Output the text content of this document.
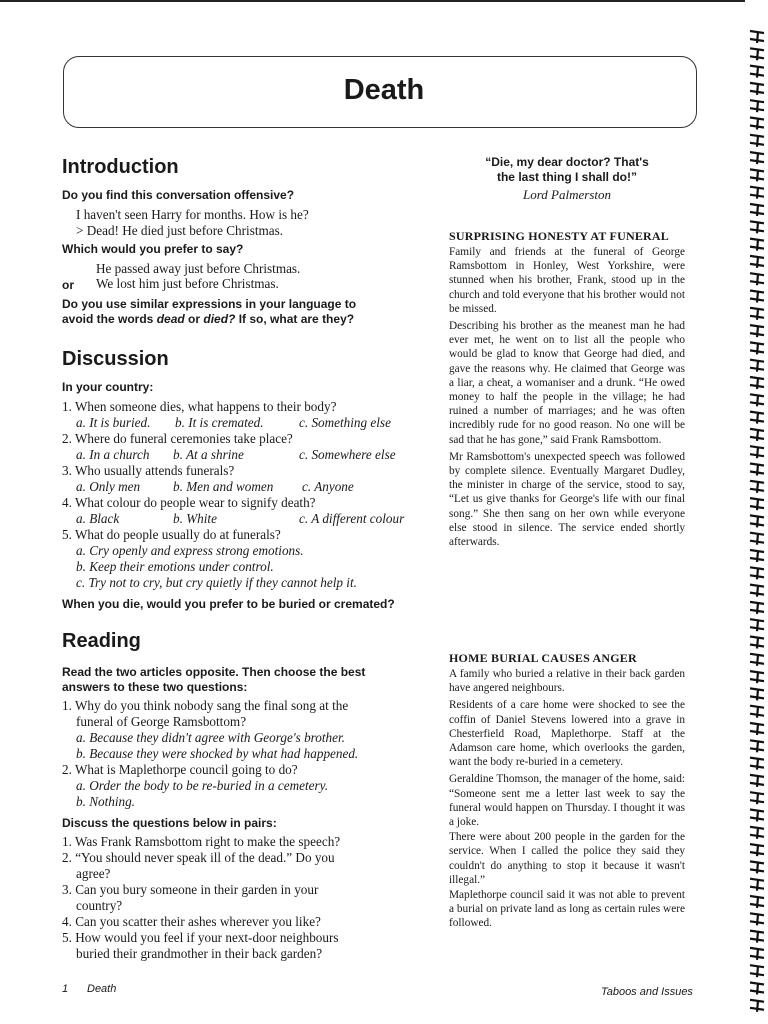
Death
Introduction
Do you find this conversation offensive?
I haven't seen Harry for months. How is he?
> Dead! He died just before Christmas.
Which would you prefer to say?
He passed away just before Christmas.
or	We lost him just before Christmas.
Do you use similar expressions in your language to
avoid the words dead or died? If so, what are they?
Discussion
In your country:
1. When someone dies, what happens to their body?
a. It is buried.	b. It is cremated.	c. Something else
2. Where do funeral ceremonies take place?
a. In a church	b. At a shrine	c. Somewhere else
3. Who usually attends funerals?
a. Only men	b. Men and women	c. Anyone
4. What colour do people wear to signify death?
a. Black	b. White	c. A different colour
5. What do people usually do at funerals?
a. Cry openly and express strong emotions.
b. Keep their emotions under control.
c. Try not to cry, but cry quietly if they cannot help it.
When you die, would you prefer to be buried or cremated?
Reading
Read the two articles opposite. Then choose the best
answers to these two questions:
1. Why do you think nobody sang the final song at the
funeral of George Ramsbottom?
a. Because they didn't agree with George's brother.
b. Because they were shocked by what had happened.
2. What is Maplethorpe council going to do?
a. Order the body to be re-buried in a cemetery.
b. Nothing.
Discuss the questions below in pairs:
1. Was Frank Ramsbottom right to make the speech?
2. “You should never speak ill of the dead.” Do you
agree?
3. Can you bury someone in their garden in your
country?
4. Can you scatter their ashes wherever you like?
5. How would you feel if your next-door neighbours
buried their grandmother in their back garden?
“Die, my dear doctor? That's
the last thing I shall do!”
Lord Palmerston
SURPRISING HONESTY AT FUNERAL

Family and friends at the funeral of George Ramsbottom in Honley, West Yorkshire, were stunned when his brother, Frank, stood up in the church and told everyone that his brother would not be missed.

Describing his brother as the meanest man he had ever met, he went on to list all the people who would be glad to know that George had died, and gave the reasons why. He claimed that George was a liar, a cheat, a womaniser and a drunk. “He owed money to half the people in the village; he had ruined a number of marriages; and he was often incredibly rude for no good reason. No one will be sad that he has gone,” said Frank Ramsbottom.

Mr Ramsbottom's unexpected speech was followed by complete silence. Eventually Margaret Dudley, the minister in charge of the service, stood to say, “Let us give thanks for George's life with our final song.” She then sang on her own while everyone else stood in silence. The service ended shortly afterwards.

HOME BURIAL CAUSES ANGER

A family who buried a relative in their back garden have angered neighbours.

Residents of a care home were shocked to see the coffin of Daniel Stevens lowered into a grave in Chesterfield Road, Maplethorpe. Staff at the Adamson care home, which overlooks the garden, want the body re-buried in a cemetery.

Geraldine Thomson, the manager of the home, said: “Someone sent me a letter last week to say the funeral would happen on Thursday. I thought it was a joke.

There were about 200 people in the garden for the service. When I called the police they said they couldn't do anything to stop it because it wasn't illegal.”

Maplethorpe council said it was not able to prevent a burial on private land as long as certain rules were followed.

1 Death	Taboos and Issues
